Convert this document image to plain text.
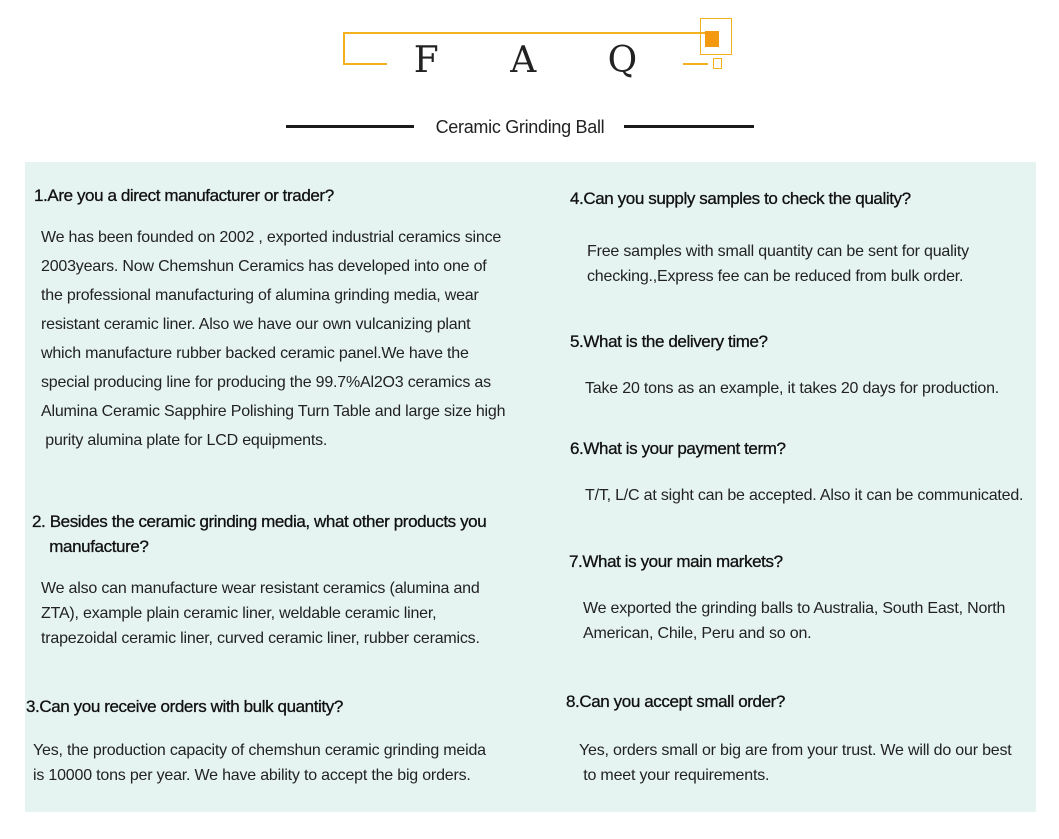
F A Q
Ceramic Grinding Ball
1.Are you a direct manufacturer or trader?
We has been founded on 2002 , exported industrial ceramics since
2003years. Now Chemshun Ceramics has developed into one of
the professional manufacturing of alumina grinding media, wear
resistant ceramic liner. Also we have our own vulcanizing plant
which manufacture rubber backed ceramic panel.We have the
special producing line for producing the 99.7%Al2O3 ceramics as
Alumina Ceramic Sapphire Polishing Turn Table and large size high
purity alumina plate for LCD equipments.
2. Besides the ceramic grinding media, what other products you
manufacture?
We also can manufacture wear resistant ceramics (alumina and
ZTA), example plain ceramic liner, weldable ceramic liner,
trapezoidal ceramic liner, curved ceramic liner, rubber ceramics.
3.Can you receive orders with bulk quantity?
Yes, the production capacity of chemshun ceramic grinding meida
is 10000 tons per year. We have ability to accept the big orders.
4.Can you supply samples to check the quality?
Free samples with small quantity can be sent for quality
checking.,Express fee can be reduced from bulk order.
5.What is the delivery time?
Take 20 tons as an example, it takes 20 days for production.
6.What is your payment term?
T/T, L/C at sight can be accepted. Also it can be communicated.
7.What is your main markets?
We exported the grinding balls to Australia, South East, North
American, Chile, Peru and so on.
8.Can you accept small order?
Yes, orders small or big are from your trust. We will do our best
to meet your requirements.
